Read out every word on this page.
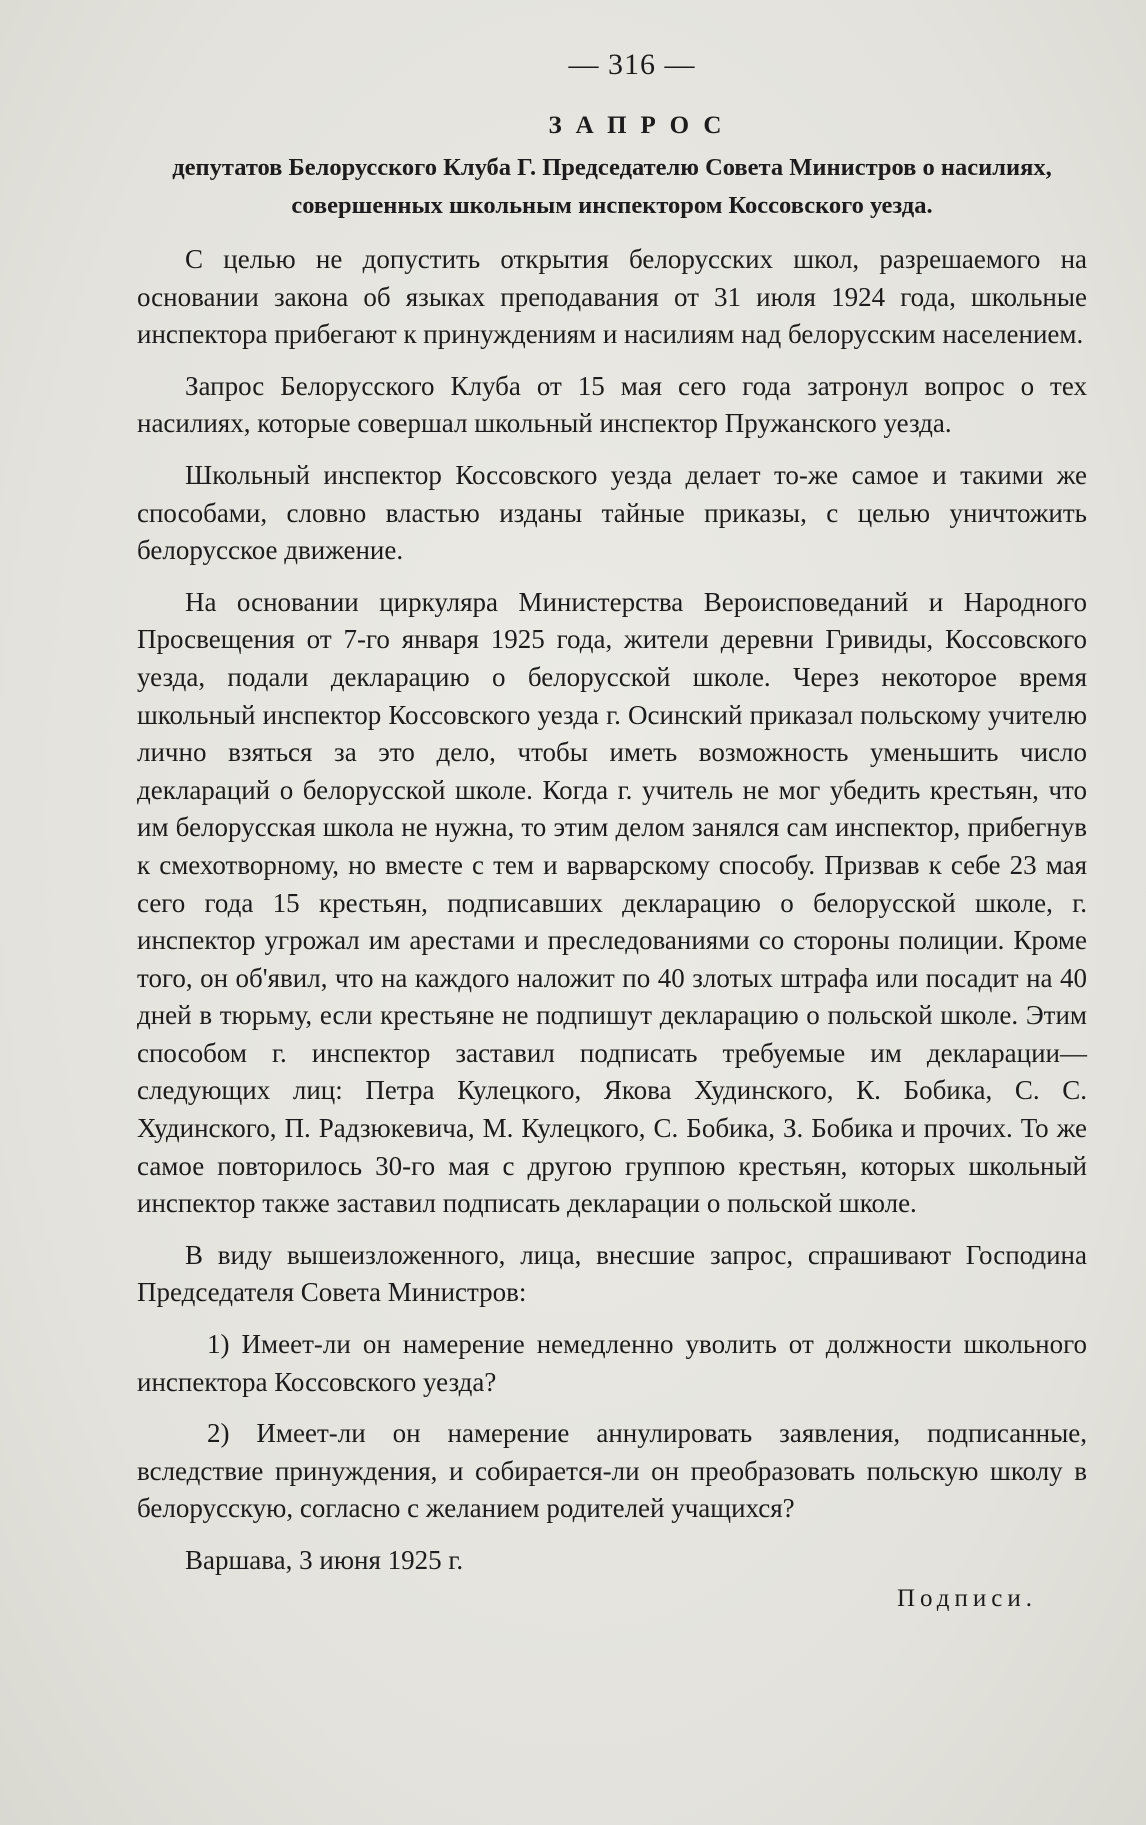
— 316 —
ЗАПРОС
депутатов Белорусского Клуба Г. Председателю Совета Министров о насилиях, совершенных школьным инспектором Коссовского уезда.

С целью не допустить открытия белорусских школ, разрешаемого на основании закона об языках преподавания от 31 июля 1924 года, школьные инспектора прибегают к принуждениям и насилиям над белорусским населением.

Запрос Белорусского Клуба от 15 мая сего года затронул вопрос о тех насилиях, которые совершал школьный инспектор Пружанского уезда.

Школьный инспектор Коссовского уезда делает то-же самое и такими же способами, словно властью изданы тайные приказы, с целью уничтожить белорусское движение.

На основании циркуляра Министерства Вероисповеданий и Народного Просвещения от 7-го января 1925 года, жители деревни Гривиды, Коссовского уезда, подали декларацию о белорусской школе. Через некоторое время школьный инспектор Коссовского уезда г. Осинский приказал польскому учителю лично взяться за это дело, чтобы иметь возможность уменьшить число деклараций о белорусской школе. Когда г. учитель не мог убедить крестьян, что им белорусская школа не нужна, то этим делом занялся сам инспектор, прибегнув к смехотворному, но вместе с тем и варварскому способу. Призвав к себе 23 мая сего года 15 крестьян, подписавших декларацию о белорусской школе, г. инспектор угрожал им арестами и преследованиями со стороны полиции. Кроме того, он об'явил, что на каждого наложит по 40 злотых штрафа или посадит на 40 дней в тюрьму, если крестьяне не подпишут декларацию о польской школе. Этим способом г. инспектор заставил подписать требуемые им декларации—следующих лиц: Петра Кулецкого, Якова Худинского, К. Бобика, С. С. Худинского, П. Радзюкевича, М. Кулецкого, С. Бобика, З. Бобика и прочих. То же самое повторилось 30-го мая с другою группою крестьян, которых школьный инспектор также заставил подписать декларации о польской школе.

В виду вышеизложенного, лица, внесшие запрос, спрашивают Господина Председателя Совета Министров:

1) Имеет-ли он намерение немедленно уволить от должности школьного инспектора Коссовского уезда?

2) Имеет-ли он намерение аннулировать заявления, подписанные, вследствие принуждения, и собирается-ли он преобразовать польскую школу в белорусскую, согласно с желанием родителей учащихся?

Варшава, 3 июня 1925 г.

Подписи.
